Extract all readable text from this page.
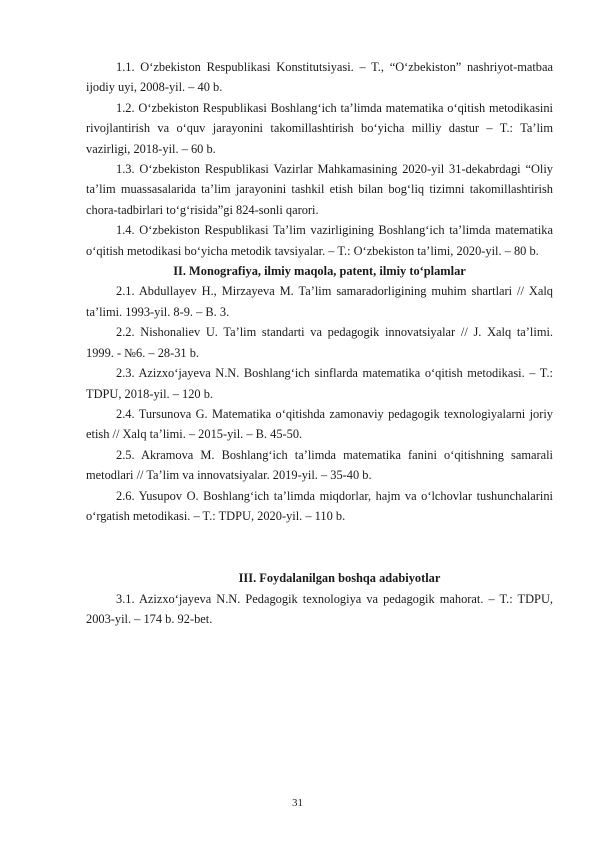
1.1. O‘zbekiston Respublikasi Konstitutsiyasi. – T., “O‘zbekiston” nashriyot-matbaa ijodiy uyi, 2008-yil. – 40 b.

1.2. O‘zbekiston Respublikasi Boshlang‘ich ta’limda matematika o‘qitish metodikasini rivojlantirish va o‘quv jarayonini takomillashtirish bo‘yicha milliy dastur – T.: Ta’lim vazirligi, 2018-yil. – 60 b.

1.3. O‘zbekiston Respublikasi Vazirlar Mahkamasining 2020-yil 31-dekabrdagi “Oliy ta’lim muassasalarida ta’lim jarayonini tashkil etish bilan bog‘liq tizimni takomillashtirish chora-tadbirlari to‘g‘risida”gi 824-sonli qarori.

1.4. O‘zbekiston Respublikasi Ta’lim vazirligining Boshlang‘ich ta’limda matematika o‘qitish metodikasi bo‘yicha metodik tavsiyalar. – T.: O‘zbekiston ta’limi, 2020-yil. – 80 b.

II. Monografiya, ilmiy maqola, patent, ilmiy to‘plamlar

2.1. Abdullayev H., Mirzayeva M. Ta’lim samaradorligining muhim shartlari // Xalq ta’limi. 1993-yil. 8-9. – B. 3.

2.2. Nishonaliev U. Ta’lim standarti va pedagogik innovatsiyalar // J. Xalq ta’limi. 1999. - №6. – 28-31 b.

2.3. Azizxo‘jayeva N.N. Boshlang‘ich sinflarda matematika o‘qitish metodikasi. – T.: TDPU, 2018-yil. – 120 b.

2.4. Tursunova G. Matematika o‘qitishda zamonaviy pedagogik texnologiyalarni joriy etish // Xalq ta’limi. – 2015-yil. – B. 45-50.

2.5. Akramova M. Boshlang‘ich ta’limda matematika fanini o‘qitishning samarali metodlari // Ta’lim va innovatsiyalar. 2019-yil. – 35-40 b.

2.6. Yusupov O. Boshlang‘ich ta’limda miqdorlar, hajm va o‘lchovlar tushunchalarini o‘rgatish metodikasi. – T.: TDPU, 2020-yil. – 110 b.

III. Foydalanilgan boshqa adabiyotlar

3.1. Azizxo‘jayeva N.N. Pedagogik texnologiya va pedagogik mahorat. – T.: TDPU, 2003-yil. – 174 b. 92-bet.

31
